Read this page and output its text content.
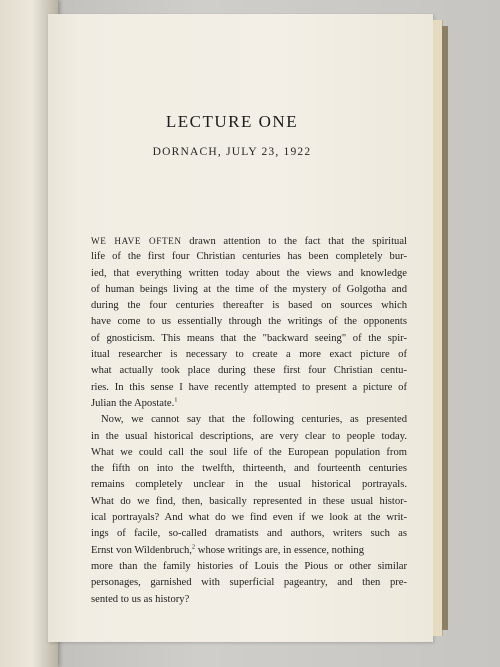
LECTURE ONE
DORNACH, JULY 23, 1922
WE HAVE OFTEN drawn attention to the fact that the spiritual
life of the first four Christian centuries has been completely bur-
ied, that everything written today about the views and knowledge
of human beings living at the time of the mystery of Golgotha and
during the four centuries thereafter is based on sources which
have come to us essentially through the writings of the opponents
of gnosticism. This means that the "backward seeing" of the spir-
itual researcher is necessary to create a more exact picture of
what actually took place during these first four Christian centu-
ries. In this sense I have recently attempted to present a picture of
Julian the Apostate.$^1$
Now, we cannot say that the following centuries, as presented
in the usual historical descriptions, are very clear to people today.
What we could call the soul life of the European population from
the fifth on into the twelfth, thirteenth, and fourteenth centuries
remains completely unclear in the usual historical portrayals.
What do we find, then, basically represented in these usual histor-
ical portrayals? And what do we find even if we look at the writ-
ings of facile, so-called dramatists and authors, writers such as
Ernst von Wildenbruch,$^2$ whose writings are, in essence, nothing
more than the family histories of Louis the Pious or other similar
personages, garnished with superficial pageantry, and then pre-
sented to us as history?
